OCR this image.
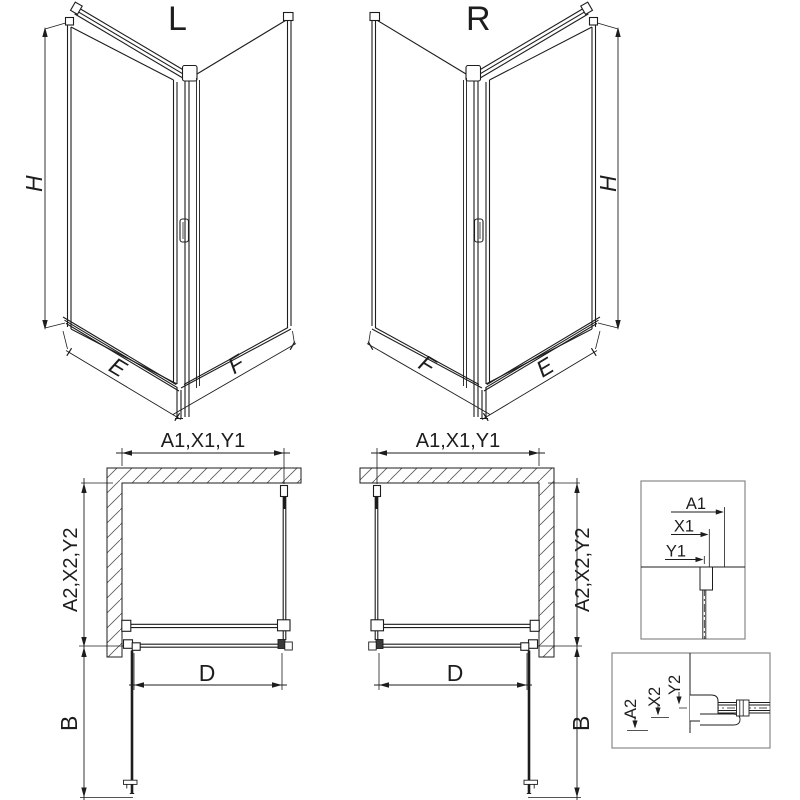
A1
X1
Y1
A2
X2
Y2
L	R
H	H
E	F	E
F
A1,X1,Y1	A1,X1,Y1
A2,X2,Y2	A2,X2,Y2
D	D
B	B
